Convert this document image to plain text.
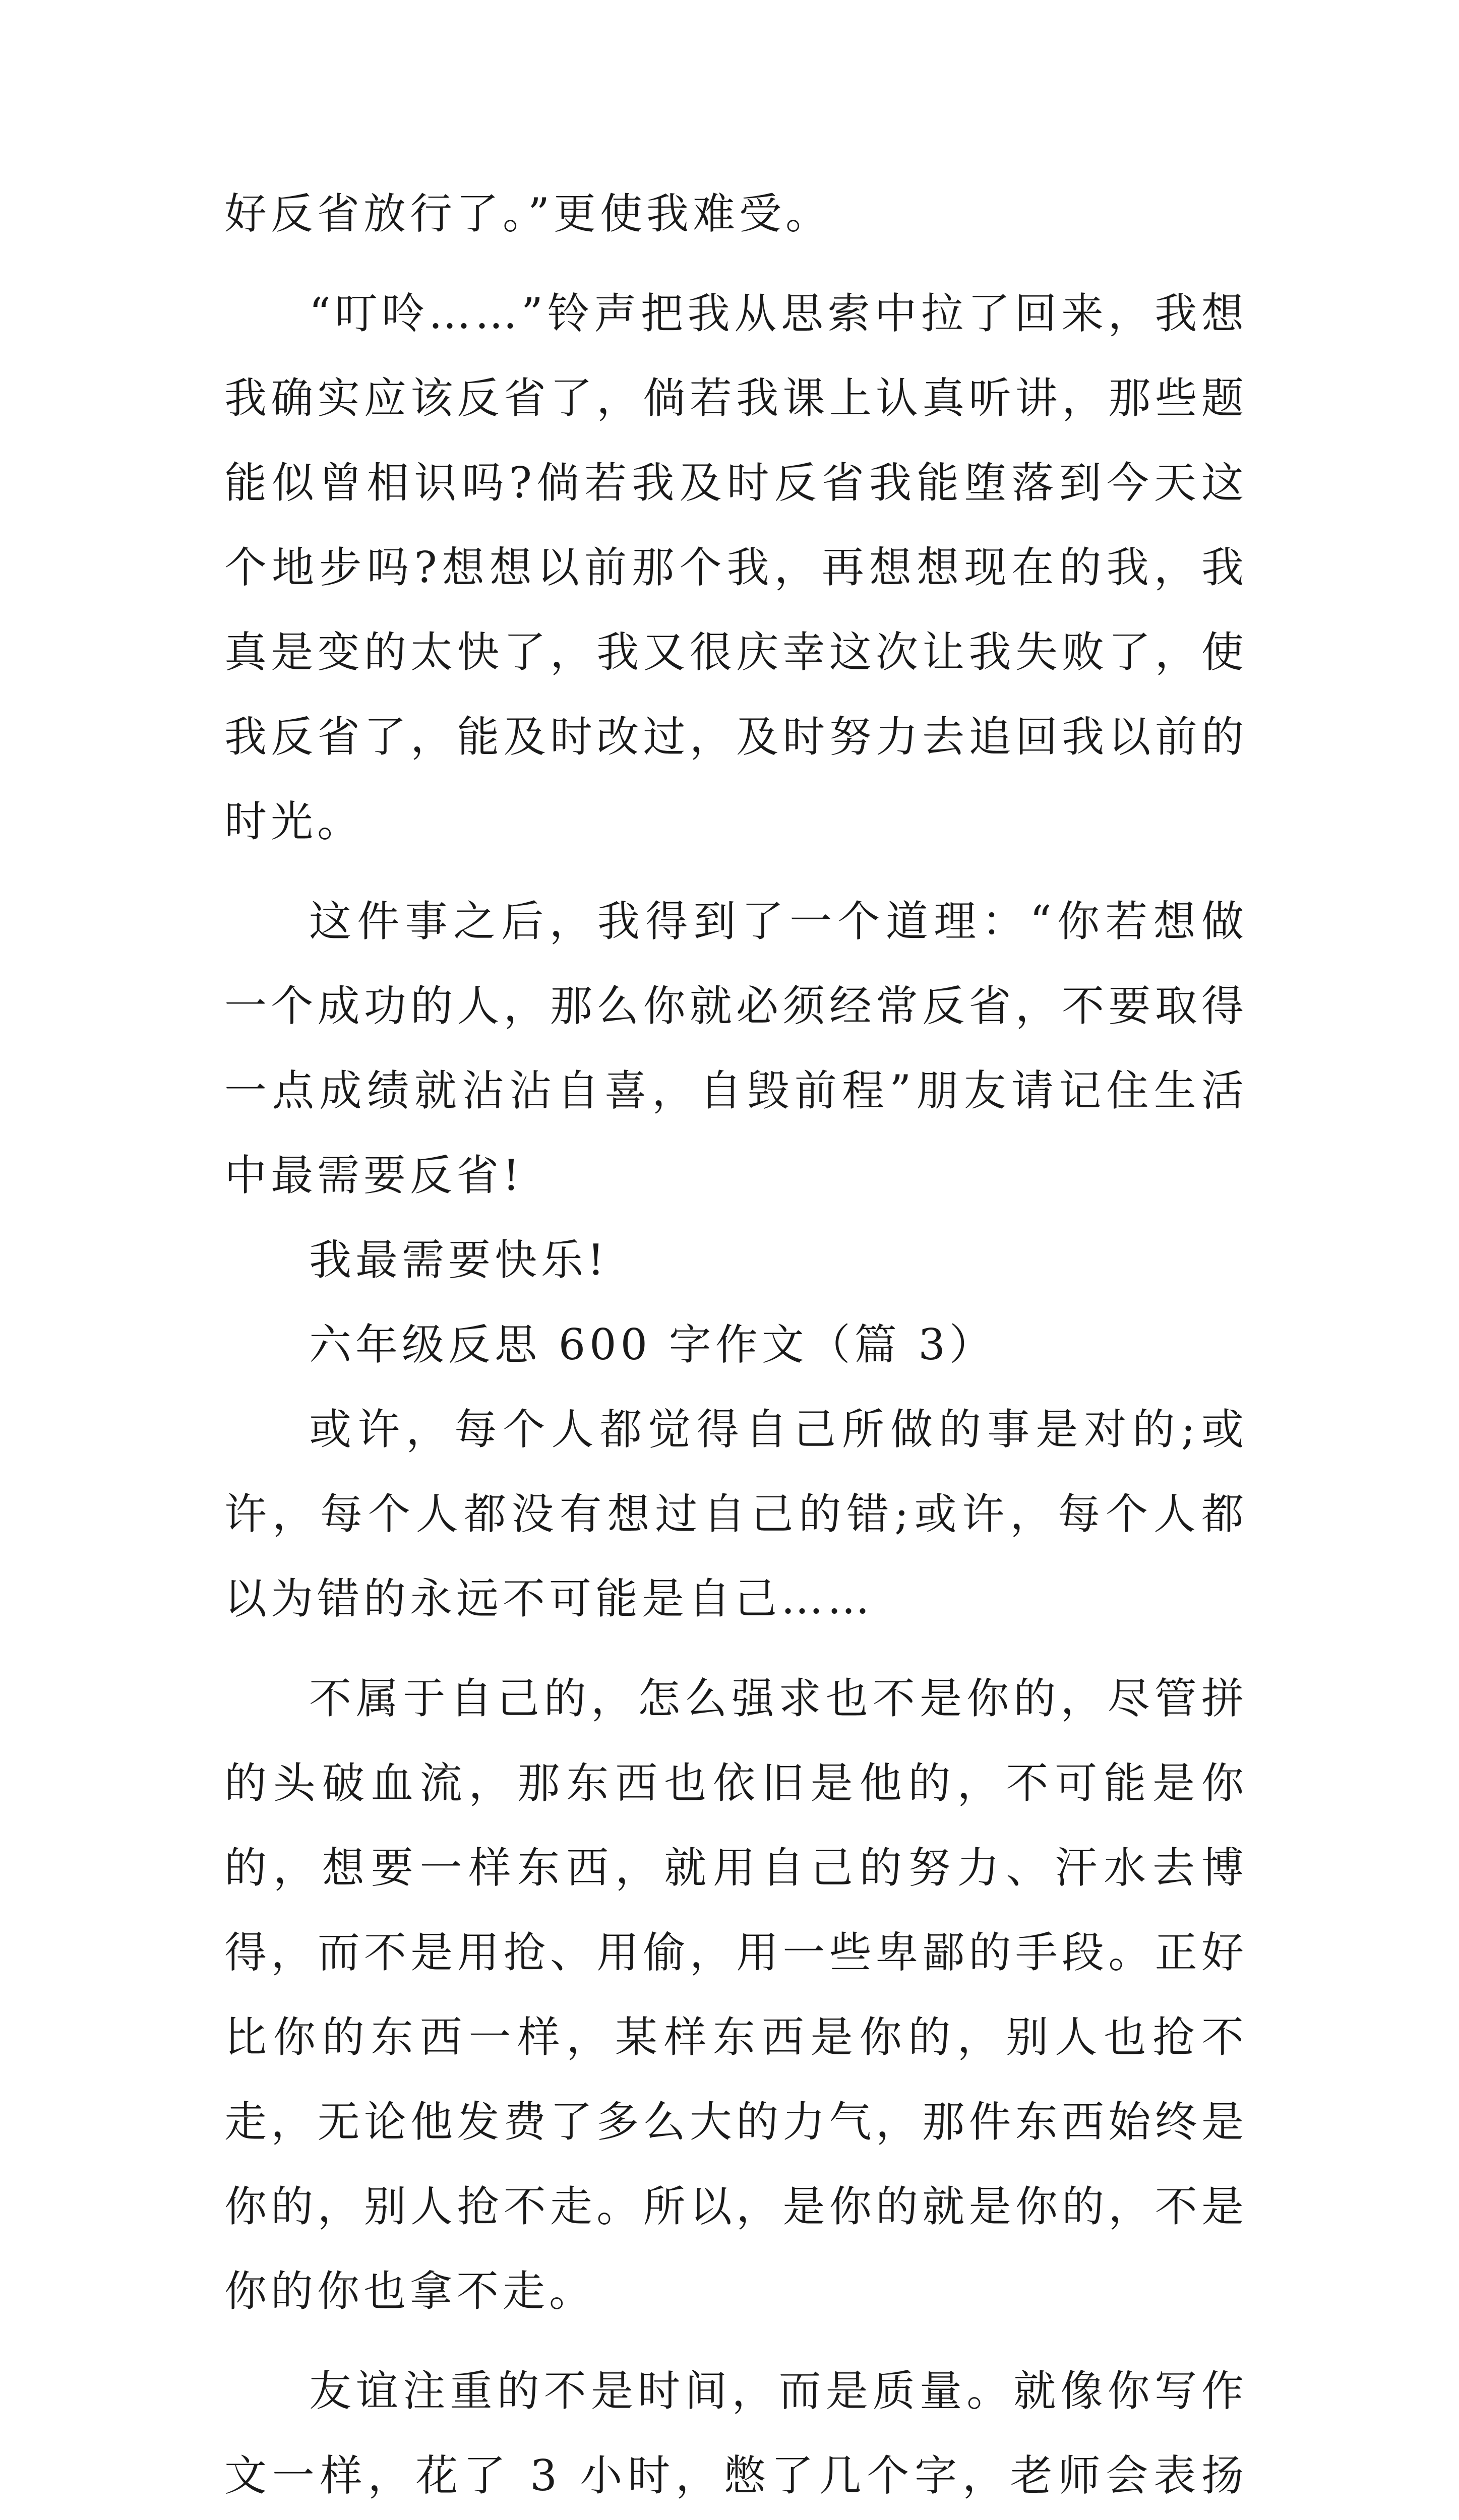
好反省放行了。”更使我难受。

“叮呤……”铃声把我从思索中拉了回来，我想我确实应该反省了，倘若我课上认真听讲，那些题能似曾相识吗?倘若我及时反省我能堕落到今天这个地步吗?想想以前那个我，再想想现在的我，我真是变的太快了，我又很庆幸这次让我失败了，使我反省了，能及时改过，及时努力去追回我以前的时光。

这件事之后，我得到了一个道理：“你若想做一个成功的人，那么你就必须经常反省，不要取得一点成绩就沾沾自喜，自毁前程”朋友请记住生活中最需要反省!

我最需要快乐!

六年级反思 600 字作文（篇 3）

或许，每个人都觉得自己所做的事是对的;或许，每个人都没有想过自己的错;或许，每个人都以为错的永远不可能是自己……

不属于自己的，怎么强求也不是你的，尽管拼的头破血流，那东西也依旧是他的，不可能是你的，想要一样东西，就用自己的努力、汗水去博得，而不是用抢、用偷，用一些卑鄙的手段。正好比你的东西一样，某样东西是你的，别人也抢不走，无论他发费了多么大的力气，那件东西始终是你的，别人抢不走。所以，是你的就是你的，不是你的你也拿不走。

友谊注重的不是时间，而是质量。就像你写作文一样，花了 3 小时，憋了几个字，老师会表扬
